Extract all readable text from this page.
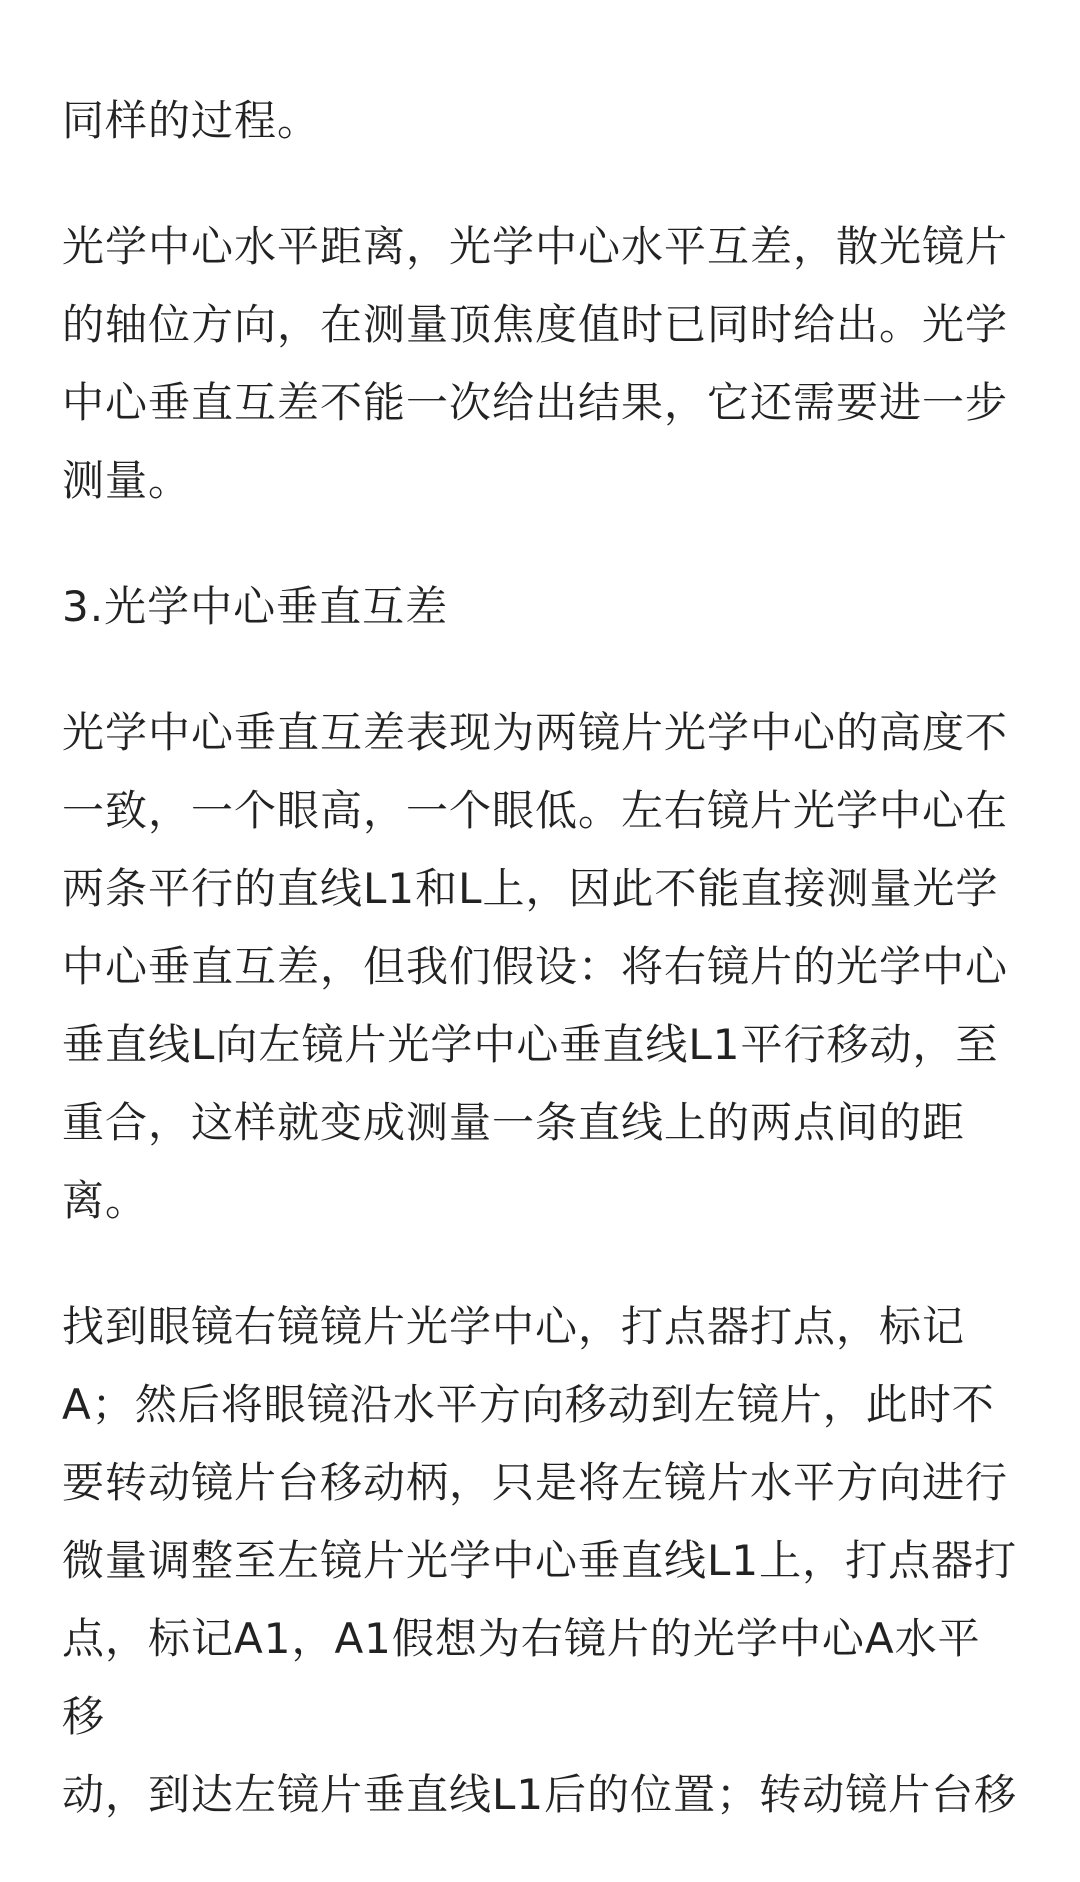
同样的过程。

光学中心水平距离，光学中心水平互差，散光镜片
的轴位方向，在测量顶焦度值时已同时给出。光学
中心垂直互差不能一次给出结果，它还需要进一步
测量。

3.光学中心垂直互差

光学中心垂直互差表现为两镜片光学中心的高度不
一致，一个眼高，一个眼低。左右镜片光学中心在
两条平行的直线L1和L上，因此不能直接测量光学
中心垂直互差，但我们假设：将右镜片的光学中心
垂直线L向左镜片光学中心垂直线L1平行移动，至
重合，这样就变成测量一条直线上的两点间的距
离。

找到眼镜右镜镜片光学中心，打点器打点，标记
A；然后将眼镜沿水平方向移动到左镜片，此时不
要转动镜片台移动柄，只是将左镜片水平方向进行
微量调整至左镜片光学中心垂直线L1上，打点器打
点，标记A1，A1假想为右镜片的光学中心A水平移
动，到达左镜片垂直线L1后的位置；转动镜片台移
